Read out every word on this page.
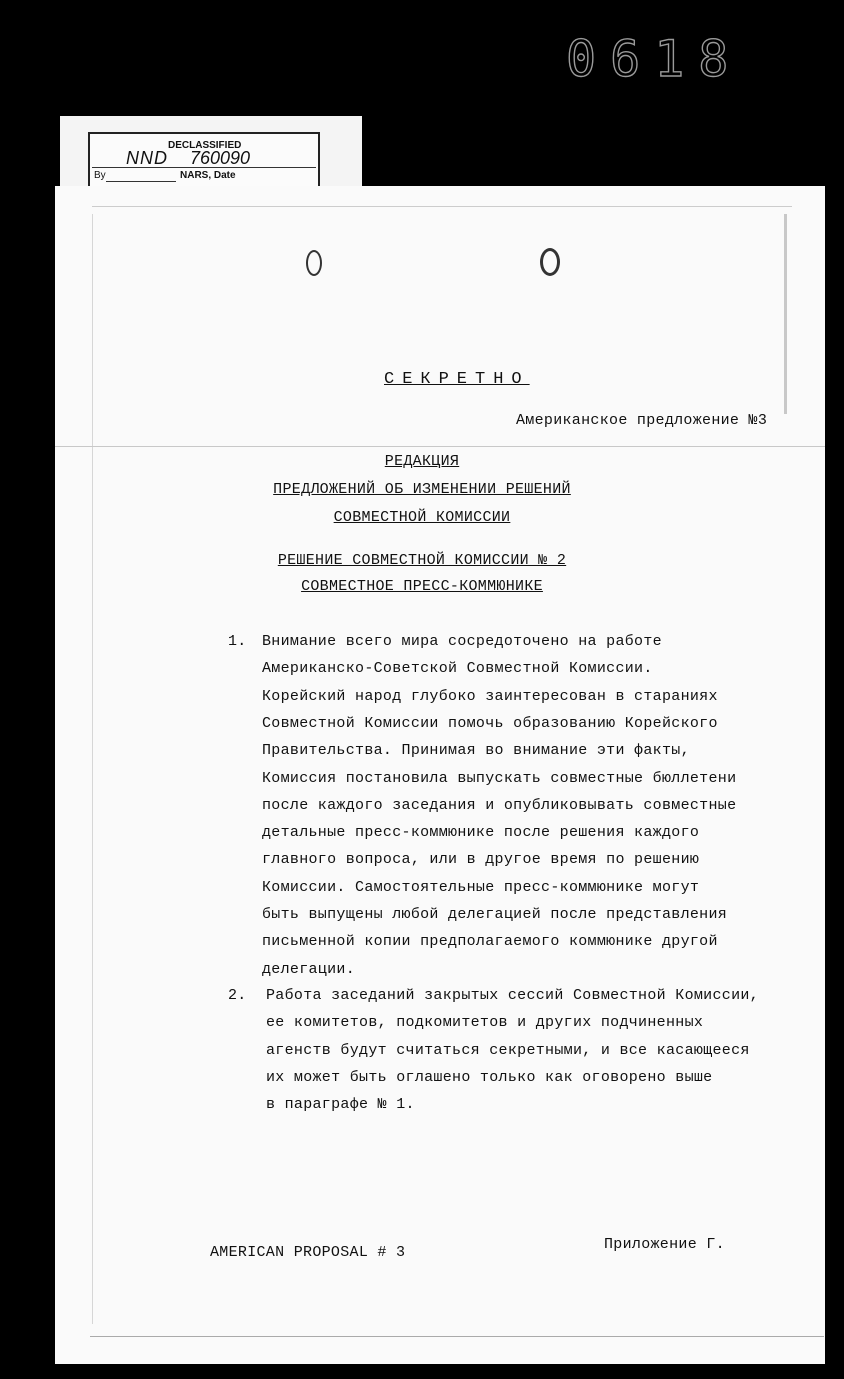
0618
DECLASSIFIED
NND 760090
By	NARS, Date
СЕКРЕТНО
Американское предложение №3
РЕДАКЦИЯ
ПРЕДЛОЖЕНИЙ ОБ ИЗМЕНЕНИИ РЕШЕНИЙ
СОВМЕСТНОЙ КОМИССИИ
РЕШЕНИЕ СОВМЕСТНОЙ КОМИССИИ № 2
СОВМЕСТНОЕ ПРЕСС-КОММЮНИКЕ
1. Внимание всего мира сосредоточено на работе
Американско-Советской Совместной Комиссии.
Корейский народ глубоко заинтересован в стараниях
Совместной Комиссии помочь образованию Корейского
Правительства. Принимая во внимание эти факты,
Комиссия постановила выпускать совместные бюллетени
после каждого заседания и опубликовывать совместные
детальные пресс-коммюнике после решения каждого
главного вопроса, или в другое время по решению
Комиссии. Самостоятельные пресс-коммюнике могут
быть выпущены любой делегацией после представления
письменной копии предполагаемого коммюнике другой
делегации.
2. Работа заседаний закрытых сессий Совместной Комиссии,
ее комитетов, подкомитетов и других подчиненных
агенств будут считаться секретными, и все касающееся
их может быть оглашено только как оговорено выше
в параграфе № 1.
AMERICAN PROPOSAL # 3	Приложение Г.
